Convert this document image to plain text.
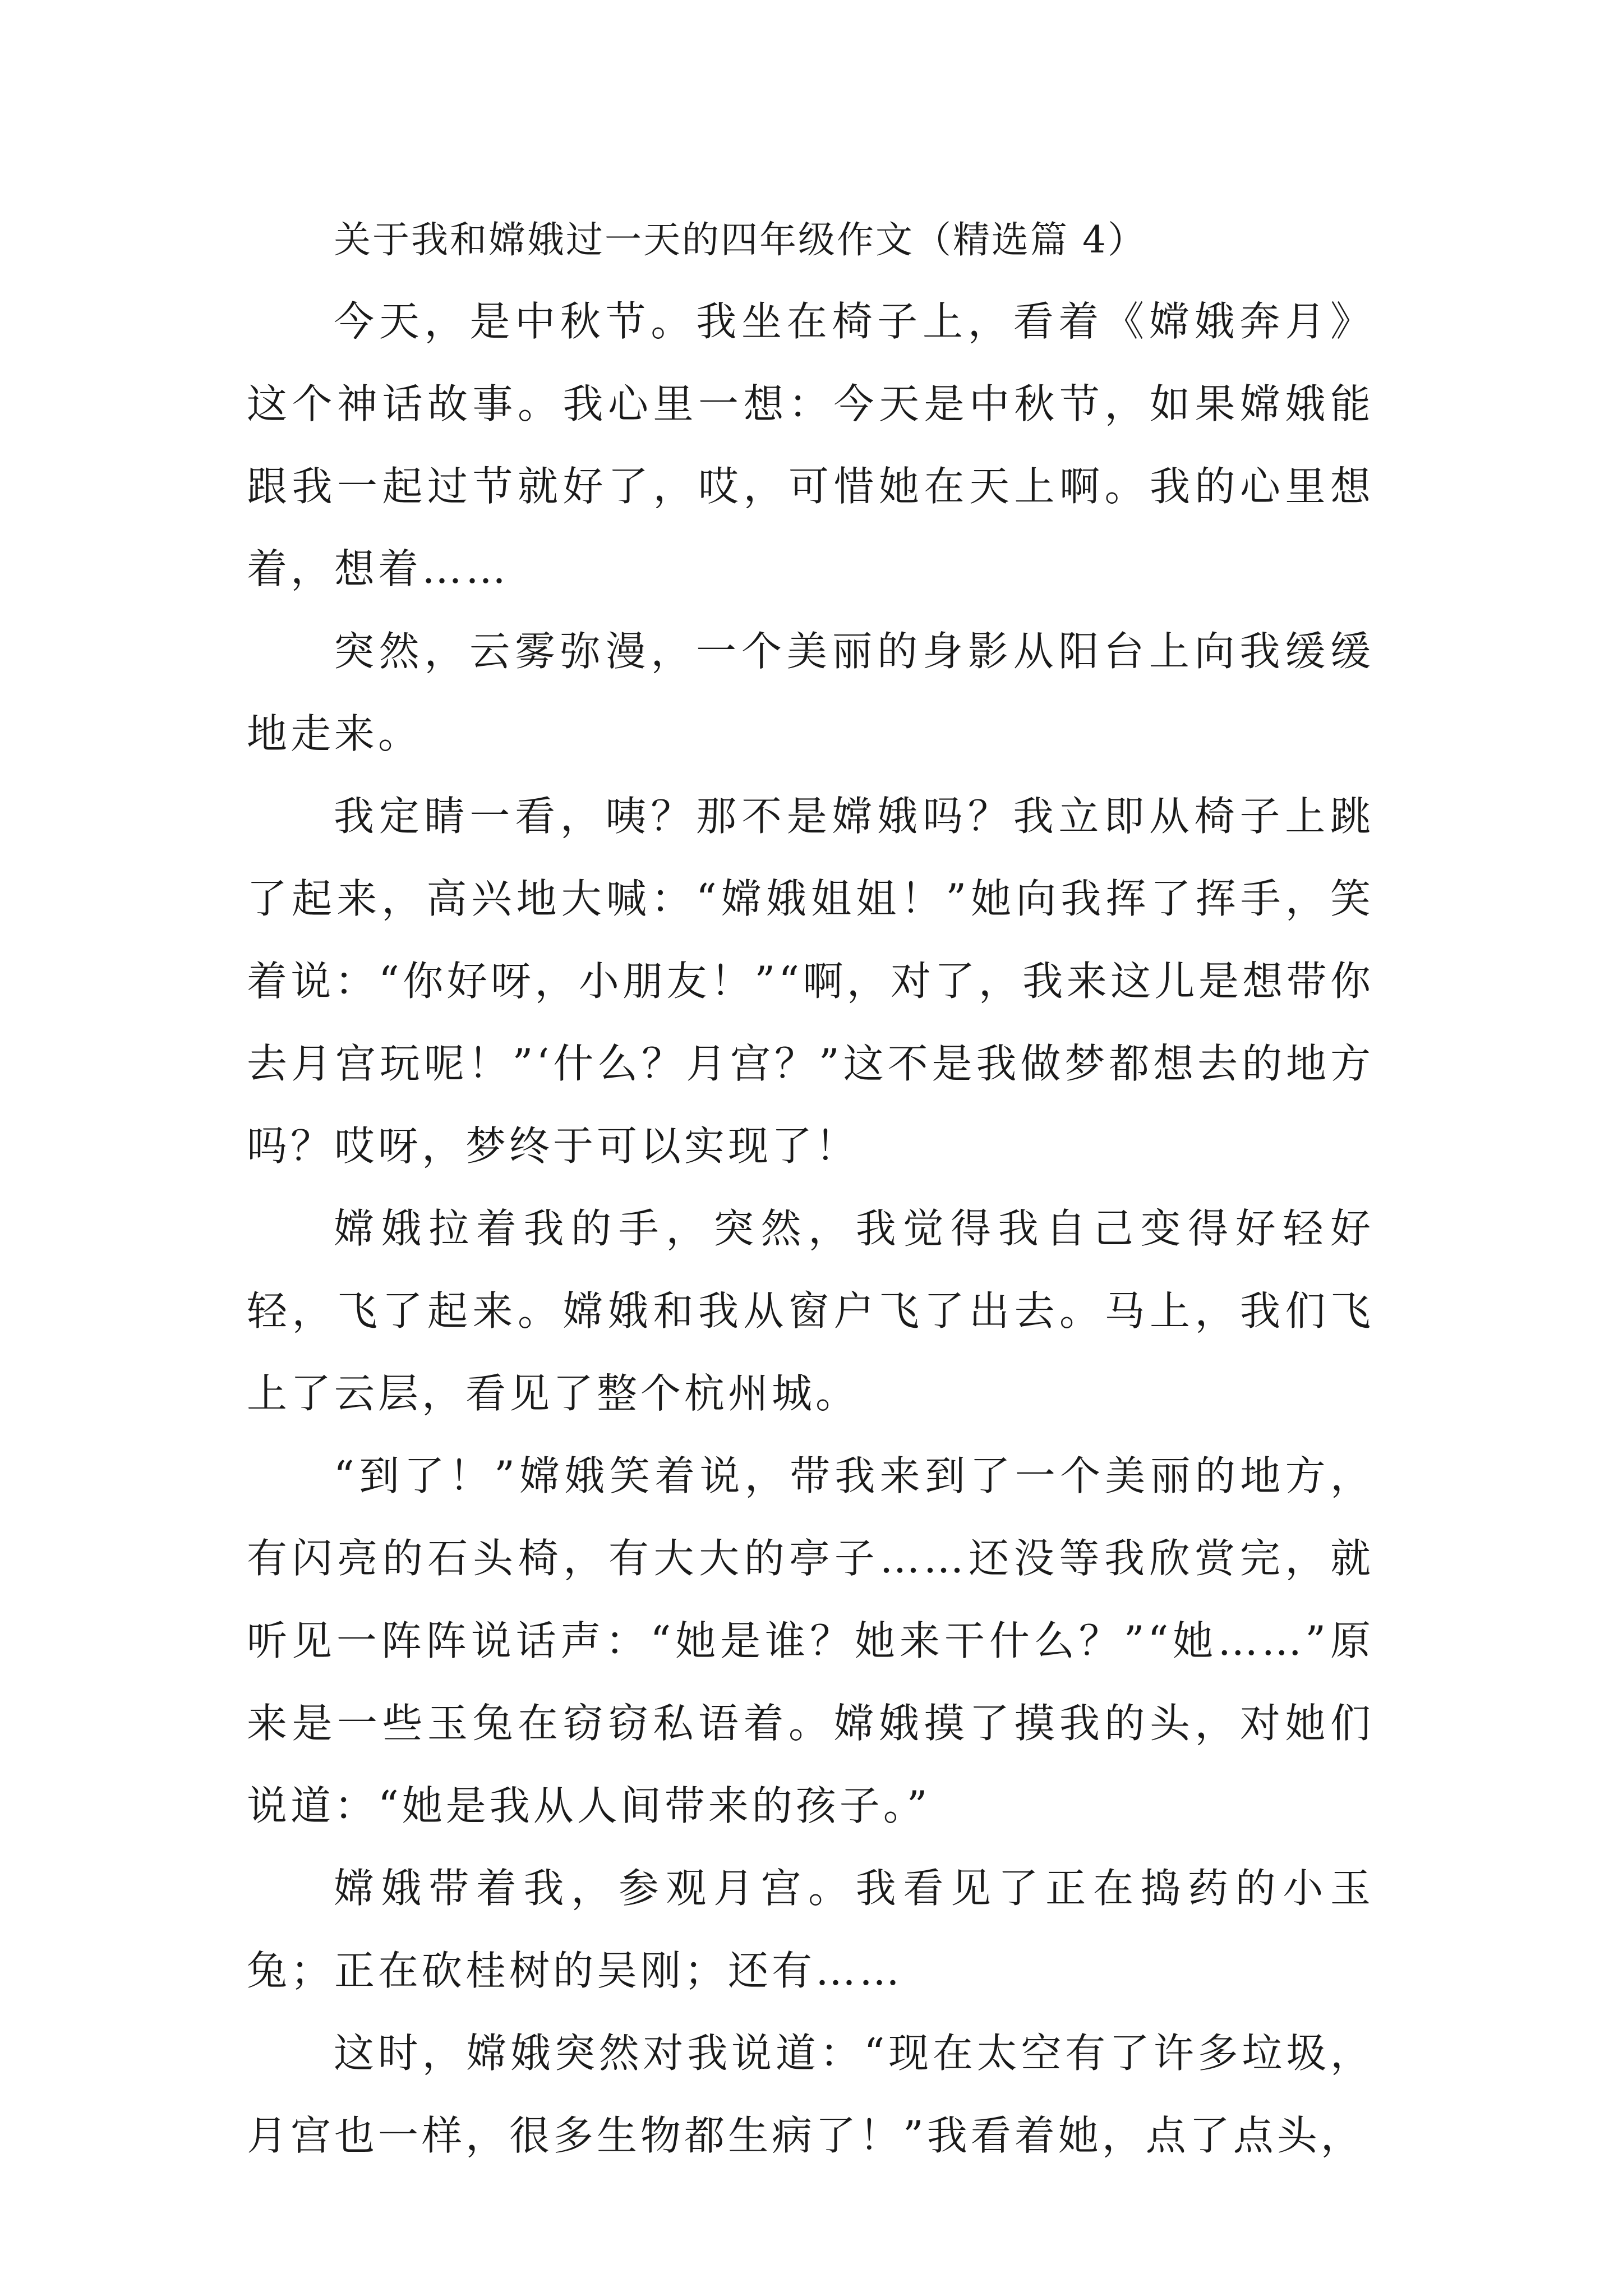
关于我和嫦娥过一天的四年级作文（精选篇 4）

今天，是中秋节。我坐在椅子上，看着《嫦娥奔月》这个神话故事。我心里一想：今天是中秋节，如果嫦娥能跟我一起过节就好了，哎，可惜她在天上啊。我的心里想着，想着……

突然，云雾弥漫，一个美丽的身影从阳台上向我缓缓地走来。

我定睛一看，咦？那不是嫦娥吗？我立即从椅子上跳了起来，高兴地大喊：“嫦娥姐姐！”她向我挥了挥手，笑着说：“你好呀，小朋友！”“啊，对了，我来这儿是想带你去月宫玩呢！”‘什么？月宫？”这不是我做梦都想去的地方吗？哎呀，梦终于可以实现了！

嫦娥拉着我的手，突然，我觉得我自己变得好轻好轻，飞了起来。嫦娥和我从窗户飞了出去。马上，我们飞上了云层，看见了整个杭州城。

“到了！”嫦娥笑着说，带我来到了一个美丽的地方，有闪亮的石头椅，有大大的亭子……还没等我欣赏完，就听见一阵阵说话声：“她是谁？她来干什么？”“她……”原来是一些玉兔在窃窃私语着。嫦娥摸了摸我的头，对她们说道：“她是我从人间带来的孩子。”

嫦娥带着我，参观月宫。我看见了正在捣药的小玉兔；正在砍桂树的吴刚；还有……

这时，嫦娥突然对我说道：“现在太空有了许多垃圾，月宫也一样，很多生物都生病了！”我看着她，点了点头，
